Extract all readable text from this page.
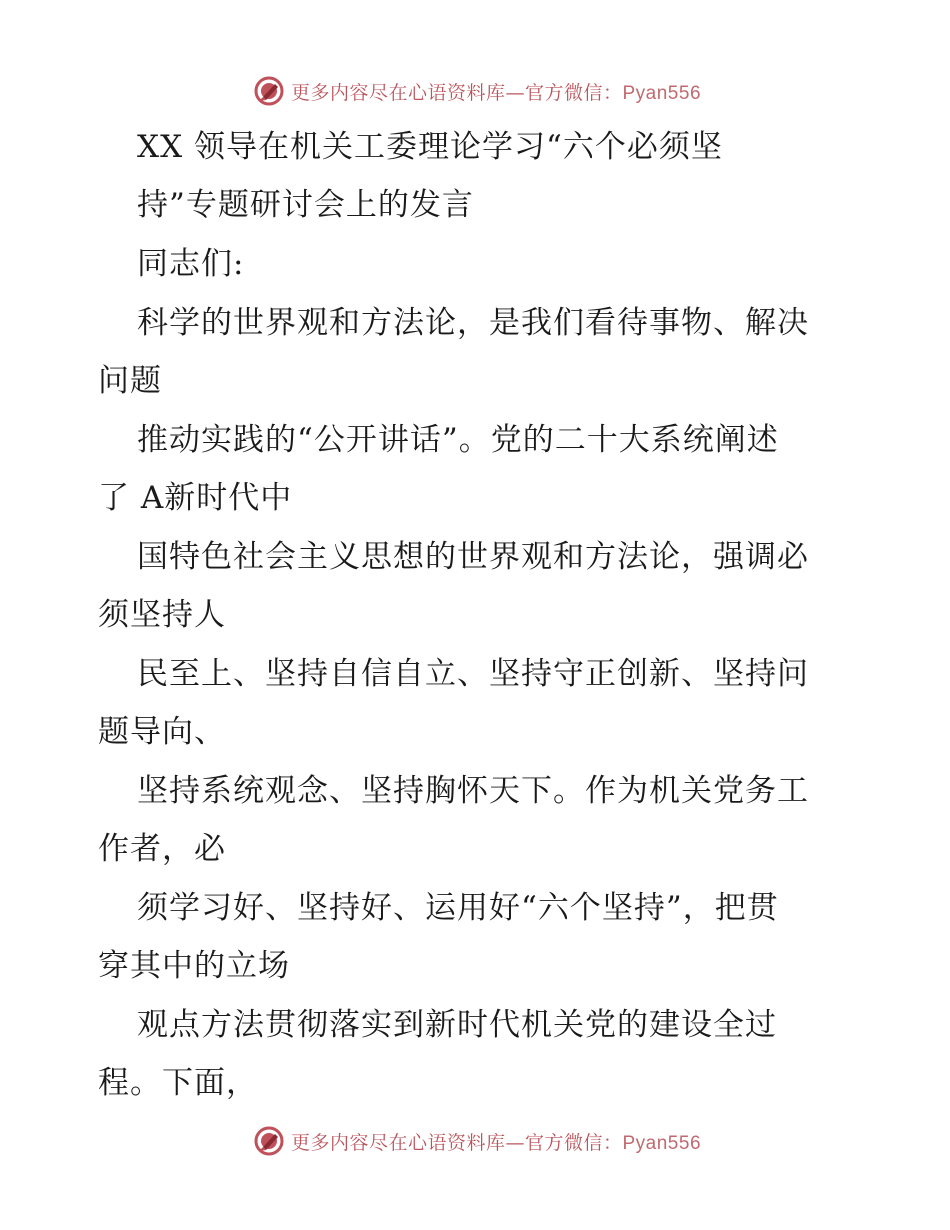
更多内容尽在心语资料库—官方微信：Pyan556
XX 领导在机关工委理论学习“六个必须坚
持”专题研讨会上的发言
同志们:
科学的世界观和方法论，是我们看待事物、解决
问题
推动实践的“公开讲话”。党的二十大系统阐述
了 A新时代中
国特色社会主义思想的世界观和方法论，强调必
须坚持人
民至上、坚持自信自立、坚持守正创新、坚持问
题导向、
坚持系统观念、坚持胸怀天下。作为机关党务工
作者，必
须学习好、坚持好、运用好“六个坚持”，把贯
穿其中的立场
观点方法贯彻落实到新时代机关党的建设全过
程。下面，
更多内容尽在心语资料库—官方微信：Pyan556
